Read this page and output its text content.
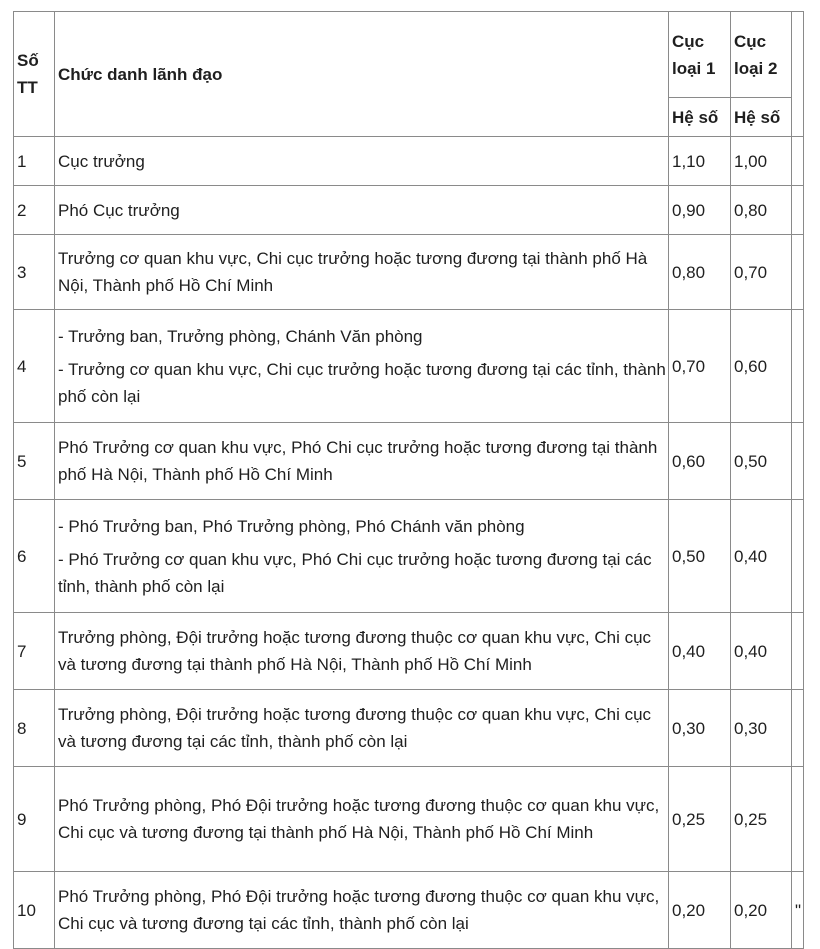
Số TT	Chức danh lãnh đạo	Cục loại 1	Cục loại 2	
		Hệ số	Hệ số	
1	Cục trưởng	1,10	1,00	
2	Phó Cục trưởng	0,90	0,80	
3	Trưởng cơ quan khu vực, Chi cục trưởng hoặc tương đương tại thành phố Hà Nội, Thành phố Hồ Chí Minh	0,80	0,70	
4	- Trưởng ban, Trưởng phòng, Chánh Văn phòng
- Trưởng cơ quan khu vực, Chi cục trưởng hoặc tương đương tại các tỉnh, thành phố còn lại	0,70	0,60	
5	Phó Trưởng cơ quan khu vực, Phó Chi cục trưởng hoặc tương đương tại thành phố Hà Nội, Thành phố Hồ Chí Minh	0,60	0,50	
6	- Phó Trưởng ban, Phó Trưởng phòng, Phó Chánh văn phòng
- Phó Trưởng cơ quan khu vực, Phó Chi cục trưởng hoặc tương đương tại các tỉnh, thành phố còn lại	0,50	0,40	
7	Trưởng phòng, Đội trưởng hoặc tương đương thuộc cơ quan khu vực, Chi cục và tương đương tại thành phố Hà Nội, Thành phố Hồ Chí Minh	0,40	0,40	
8	Trưởng phòng, Đội trưởng hoặc tương đương thuộc cơ quan khu vực, Chi cục và tương đương tại các tỉnh, thành phố còn lại	0,30	0,30	
9	Phó Trưởng phòng, Phó Đội trưởng hoặc tương đương thuộc cơ quan khu vực, Chi cục và tương đương tại thành phố Hà Nội, Thành phố Hồ Chí Minh	0,25	0,25	
10	Phó Trưởng phòng, Phó Đội trưởng hoặc tương đương thuộc cơ quan khu vực, Chi cục và tương đương tại các tỉnh, thành phố còn lại	0,20	0,20	"
